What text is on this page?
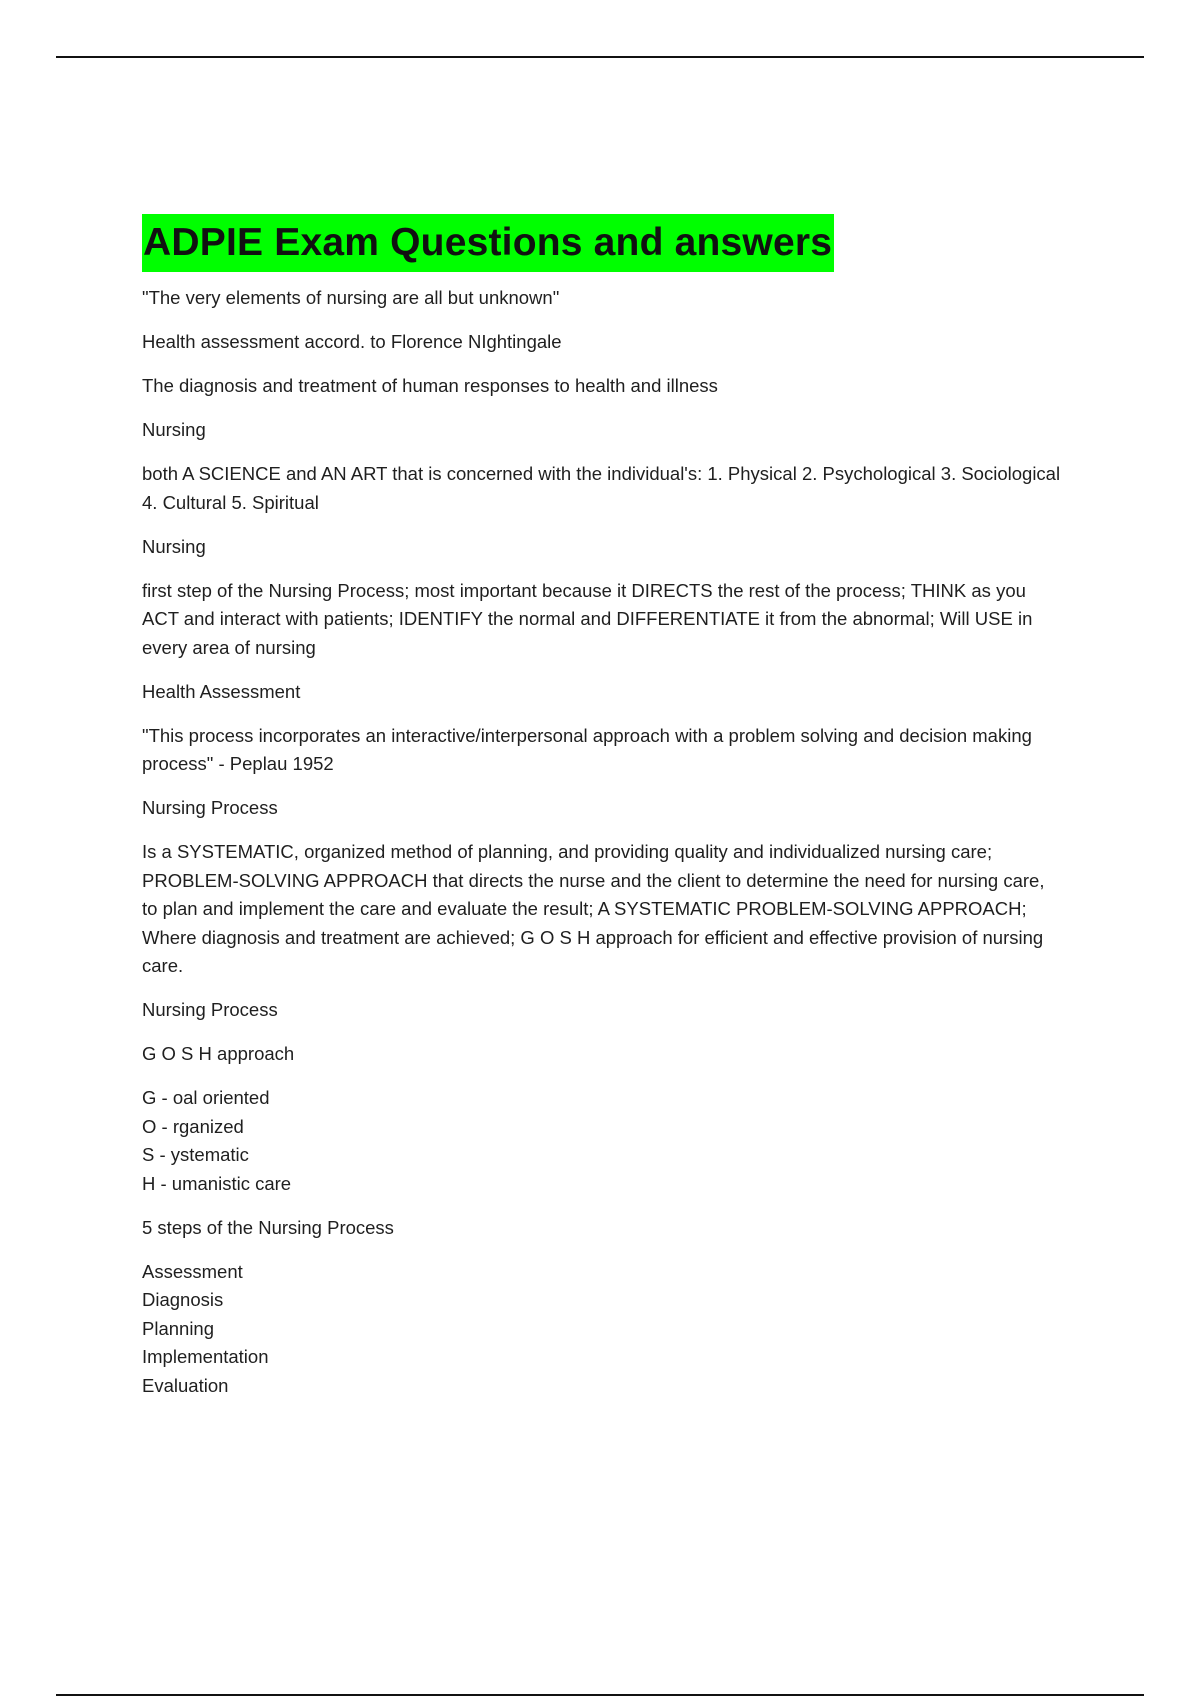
ADPIE Exam Questions and answers

"The very elements of nursing are all but unknown"

Health assessment accord. to Florence NIghtingale

The diagnosis and treatment of human responses to health and illness

Nursing

both A SCIENCE and AN ART that is concerned with the individual's: 1. Physical 2. Psychological 3. Sociological 4. Cultural 5. Spiritual

Nursing

first step of the Nursing Process; most important because it DIRECTS the rest of the process; THINK as you ACT and interact with patients; IDENTIFY the normal and DIFFERENTIATE it from the abnormal; Will USE in every area of nursing

Health Assessment

"This process incorporates an interactive/interpersonal approach with a problem solving and decision making process" - Peplau 1952

Nursing Process

Is a SYSTEMATIC, organized method of planning, and providing quality and individualized nursing care; PROBLEM-SOLVING APPROACH that directs the nurse and the client to determine the need for nursing care, to plan and implement the care and evaluate the result; A SYSTEMATIC PROBLEM-SOLVING APPROACH; Where diagnosis and treatment are achieved; G O S H approach for efficient and effective provision of nursing care.

Nursing Process

G O S H approach

G - oal oriented
O - rganized
S - ystematic
H - umanistic care

5 steps of the Nursing Process

Assessment
Diagnosis
Planning
Implementation
Evaluation
